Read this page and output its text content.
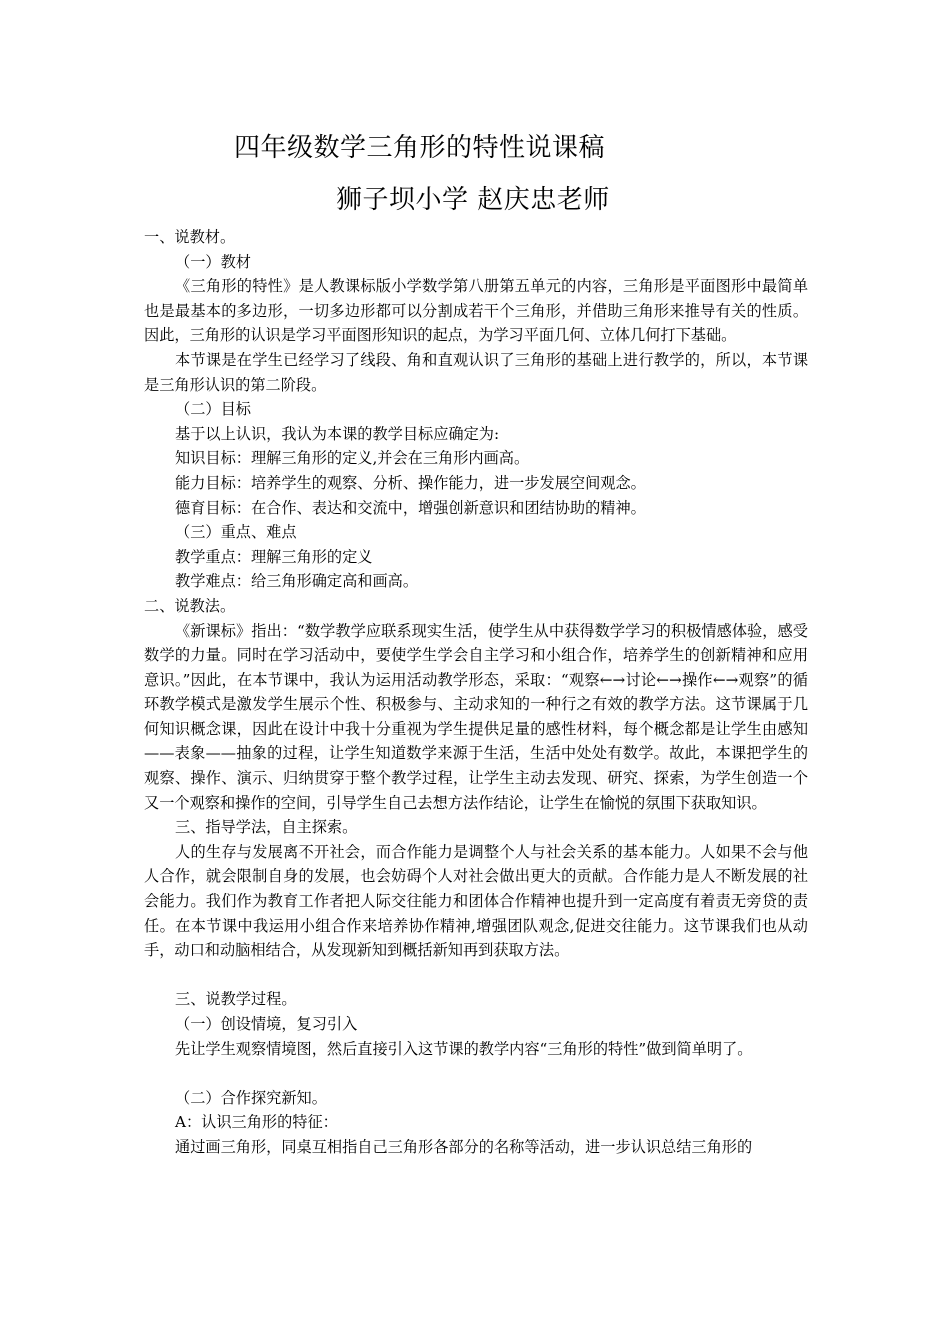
四年级数学三角形的特性说课稿
狮子坝小学 赵庆忠老师

一、说教材。

（一）教材

《三角形的特性》是人教课标版小学数学第八册第五单元的内容，三角形是平面图形中最简单也是最基本的多边形，一切多边形都可以分割成若干个三角形，并借助三角形来推导有关的性质。因此，三角形的认识是学习平面图形知识的起点，为学习平面几何、立体几何打下基础。

本节课是在学生已经学习了线段、角和直观认识了三角形的基础上进行教学的，所以，本节课是三角形认识的第二阶段。

（二）目标

基于以上认识，我认为本课的教学目标应确定为:

知识目标：理解三角形的定义,并会在三角形内画高。

能力目标：培养学生的观察、分析、操作能力，进一步发展空间观念。

德育目标：在合作、表达和交流中，增强创新意识和团结协助的精神。

（三）重点、难点

教学重点：理解三角形的定义

教学难点：给三角形确定高和画高。

二、说教法。

《新课标》指出：“数学教学应联系现实生活，使学生从中获得数学学习的积极情感体验，感受数学的力量。同时在学习活动中，要使学生学会自主学习和小组合作，培养学生的创新精神和应用意识。”因此，在本节课中，我认为运用活动教学形态，采取：“观察←→讨论←→操作←→观察”的循环教学模式是激发学生展示个性、积极参与、主动求知的一种行之有效的教学方法。这节课属于几何知识概念课，因此在设计中我十分重视为学生提供足量的感性材料，每个概念都是让学生由感知——表象——抽象的过程，让学生知道数学来源于生活，生活中处处有数学。故此，本课把学生的观察、操作、演示、归纳贯穿于整个教学过程，让学生主动去发现、研究、探索，为学生创造一个又一个观察和操作的空间，引导学生自己去想方法作结论，让学生在愉悦的氛围下获取知识。

三、指导学法，自主探索。

人的生存与发展离不开社会，而合作能力是调整个人与社会关系的基本能力。人如果不会与他人合作，就会限制自身的发展，也会妨碍个人对社会做出更大的贡献。合作能力是人不断发展的社会能力。我们作为教育工作者把人际交往能力和团体合作精神也提升到一定高度有着责无旁贷的责任。在本节课中我运用小组合作来培养协作精神,增强团队观念,促进交往能力。这节课我们也从动手，动口和动脑相结合，从发现新知到概括新知再到获取方法。

三、说教学过程。

（一）创设情境，复习引入

先让学生观察情境图，然后直接引入这节课的教学内容“三角形的特性”做到简单明了。

（二）合作探究新知。

A：认识三角形的特征：

通过画三角形，同桌互相指自己三角形各部分的名称等活动，进一步认识总结三角形的
